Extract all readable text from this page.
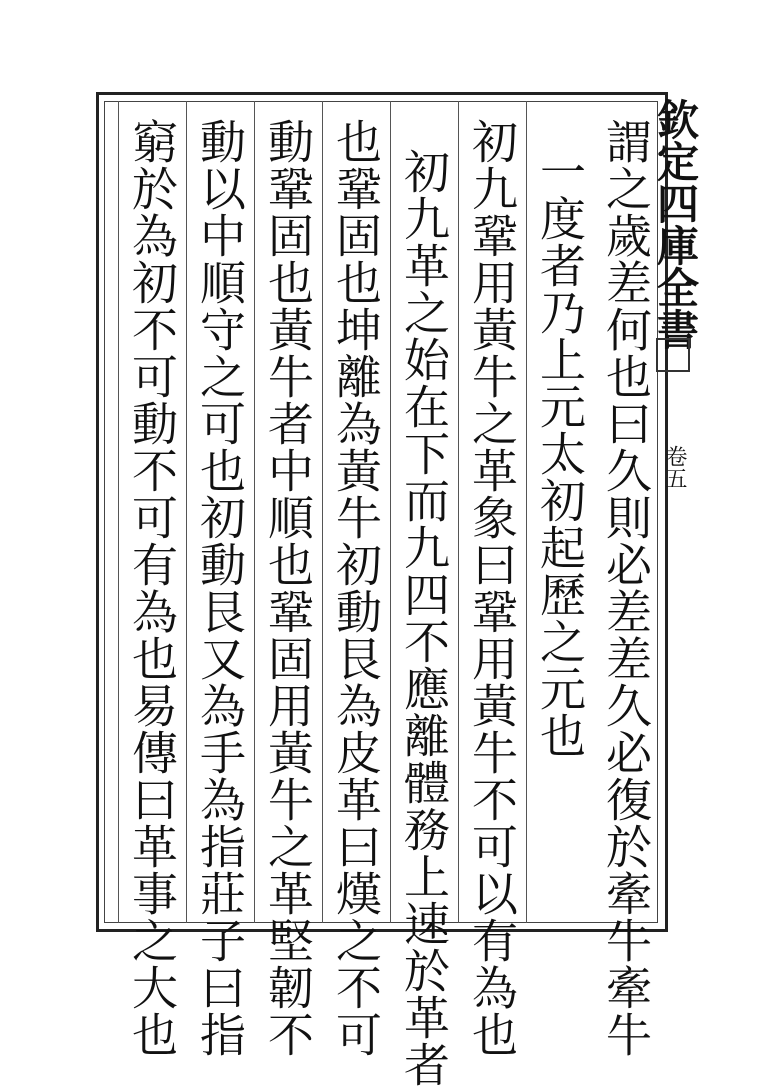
欽定四庫全書
卷五
謂之歲差何也曰久則必差差久必復於牽牛牽牛
一度者乃上元太初起歷之元也
初九鞏用黃牛之革象曰鞏用黃牛不可以有為也
初九革之始在下而九四不應離體務上速於革者
也鞏固也坤離為黃牛初動艮為皮革曰熯之不可
動鞏固也黃牛者中順也鞏固用黃牛之革堅韌不
動以中順守之可也初動艮又為手為指莊子曰指
窮於為初不可動不可有為也易傳曰革事之大也
